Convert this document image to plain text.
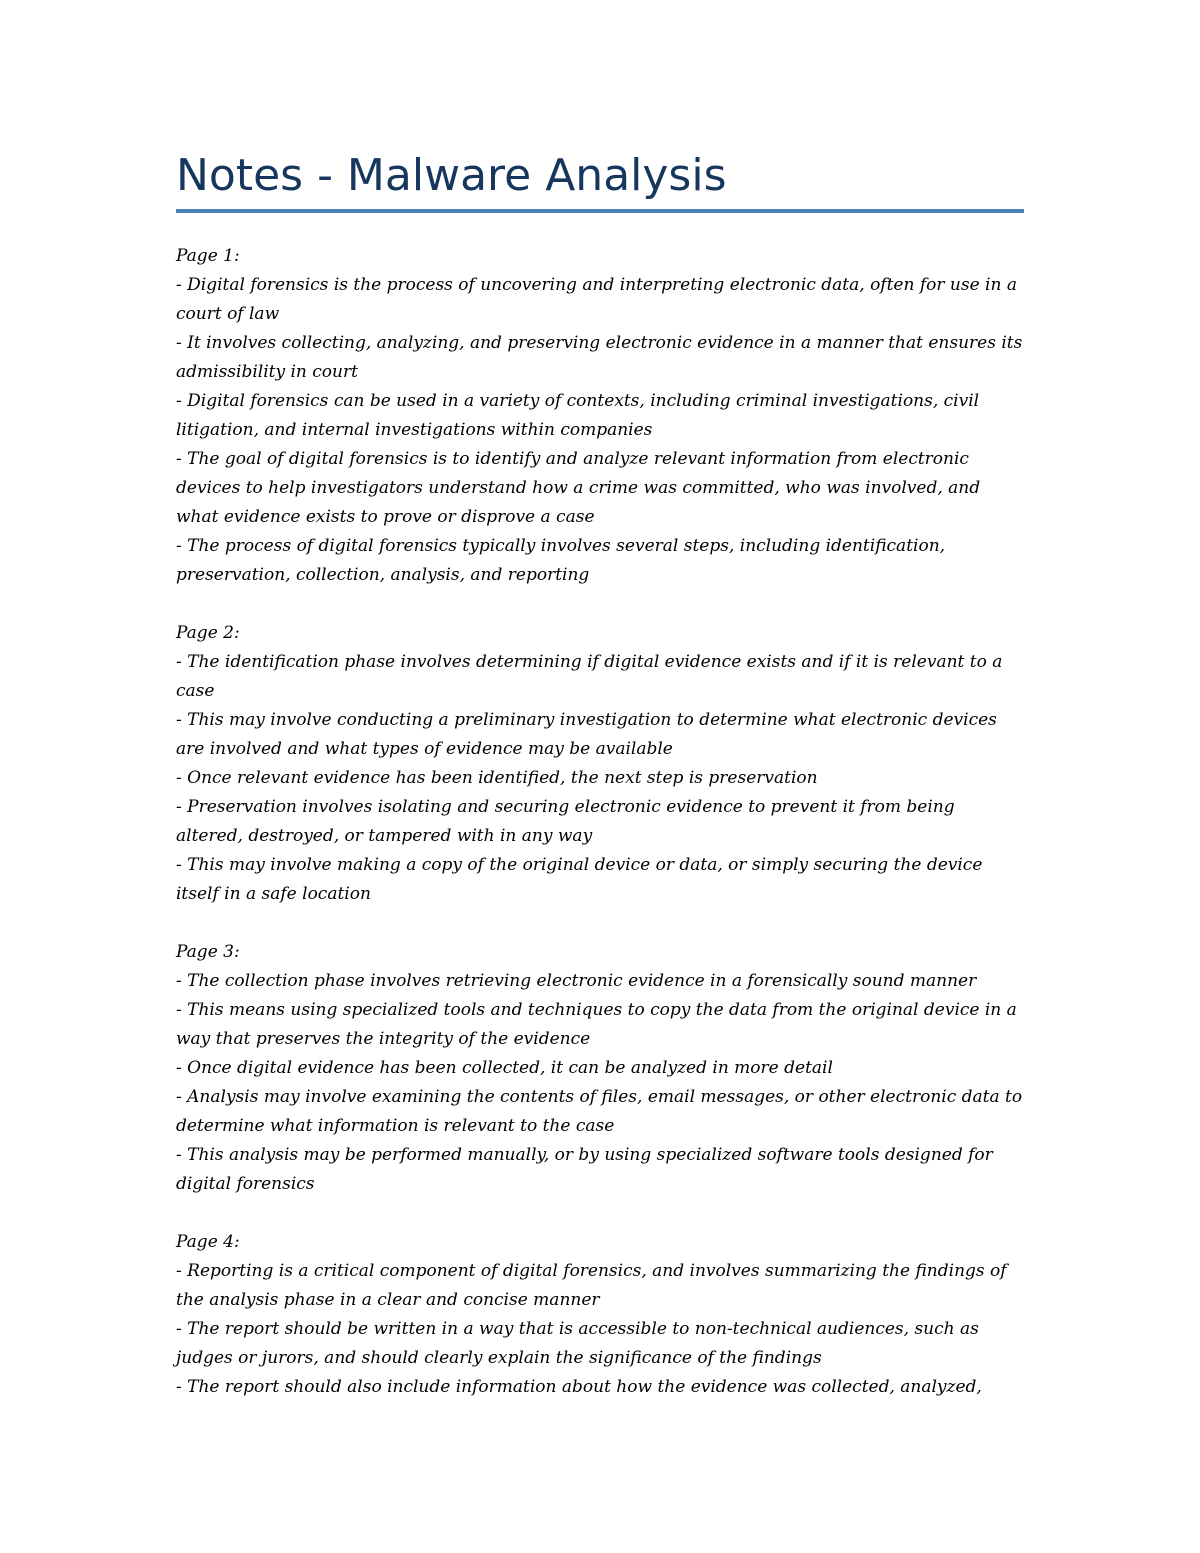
Notes - Malware Analysis

Page 1:

- Digital forensics is the process of uncovering and interpreting electronic data, often for use in a court of law

- It involves collecting, analyzing, and preserving electronic evidence in a manner that ensures its admissibility in court

- Digital forensics can be used in a variety of contexts, including criminal investigations, civil litigation, and internal investigations within companies

- The goal of digital forensics is to identify and analyze relevant information from electronic devices to help investigators understand how a crime was committed, who was involved, and what evidence exists to prove or disprove a case

- The process of digital forensics typically involves several steps, including identification, preservation, collection, analysis, and reporting

Page 2:

- The identification phase involves determining if digital evidence exists and if it is relevant to a case

- This may involve conducting a preliminary investigation to determine what electronic devices are involved and what types of evidence may be available

- Once relevant evidence has been identified, the next step is preservation

- Preservation involves isolating and securing electronic evidence to prevent it from being altered, destroyed, or tampered with in any way

- This may involve making a copy of the original device or data, or simply securing the device itself in a safe location

Page 3:

- The collection phase involves retrieving electronic evidence in a forensically sound manner

- This means using specialized tools and techniques to copy the data from the original device in a way that preserves the integrity of the evidence

- Once digital evidence has been collected, it can be analyzed in more detail

- Analysis may involve examining the contents of files, email messages, or other electronic data to determine what information is relevant to the case

- This analysis may be performed manually, or by using specialized software tools designed for digital forensics

Page 4:

- Reporting is a critical component of digital forensics, and involves summarizing the findings of the analysis phase in a clear and concise manner

- The report should be written in a way that is accessible to non-technical audiences, such as judges or jurors, and should clearly explain the significance of the findings

- The report should also include information about how the evidence was collected, analyzed,
